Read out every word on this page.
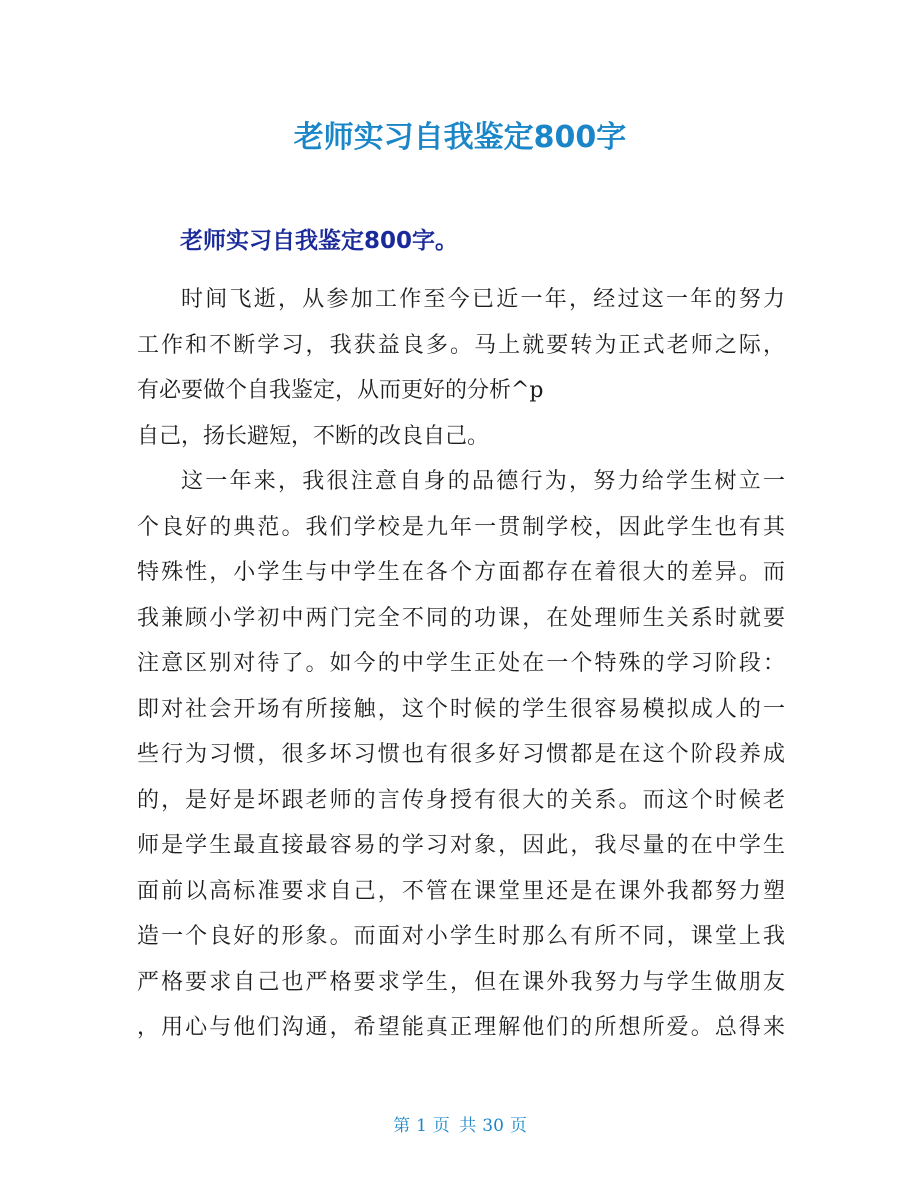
老师实习自我鉴定800字
老师实习自我鉴定800字。
时间飞逝，从参加工作至今已近一年，经过这一年的努力
工作和不断学习，我获益良多。马上就要转为正式老师之际，
有必要做个自我鉴定，从而更好的分析^p
自己，扬长避短，不断的改良自己。
这一年来，我很注意自身的品德行为，努力给学生树立一
个良好的典范。我们学校是九年一贯制学校，因此学生也有其
特殊性，小学生与中学生在各个方面都存在着很大的差异。而
我兼顾小学初中两门完全不同的功课，在处理师生关系时就要
注意区别对待了。如今的中学生正处在一个特殊的学习阶段：
即对社会开场有所接触，这个时候的学生很容易模拟成人的一
些行为习惯，很多坏习惯也有很多好习惯都是在这个阶段养成
的，是好是坏跟老师的言传身授有很大的关系。而这个时候老
师是学生最直接最容易的学习对象，因此，我尽量的在中学生
面前以高标准要求自己，不管在课堂里还是在课外我都努力塑
造一个良好的形象。而面对小学生时那么有所不同，课堂上我
严格要求自己也严格要求学生，但在课外我努力与学生做朋友
，用心与他们沟通，希望能真正理解他们的所想所爱。总得来
第 1 页 共 30 页
